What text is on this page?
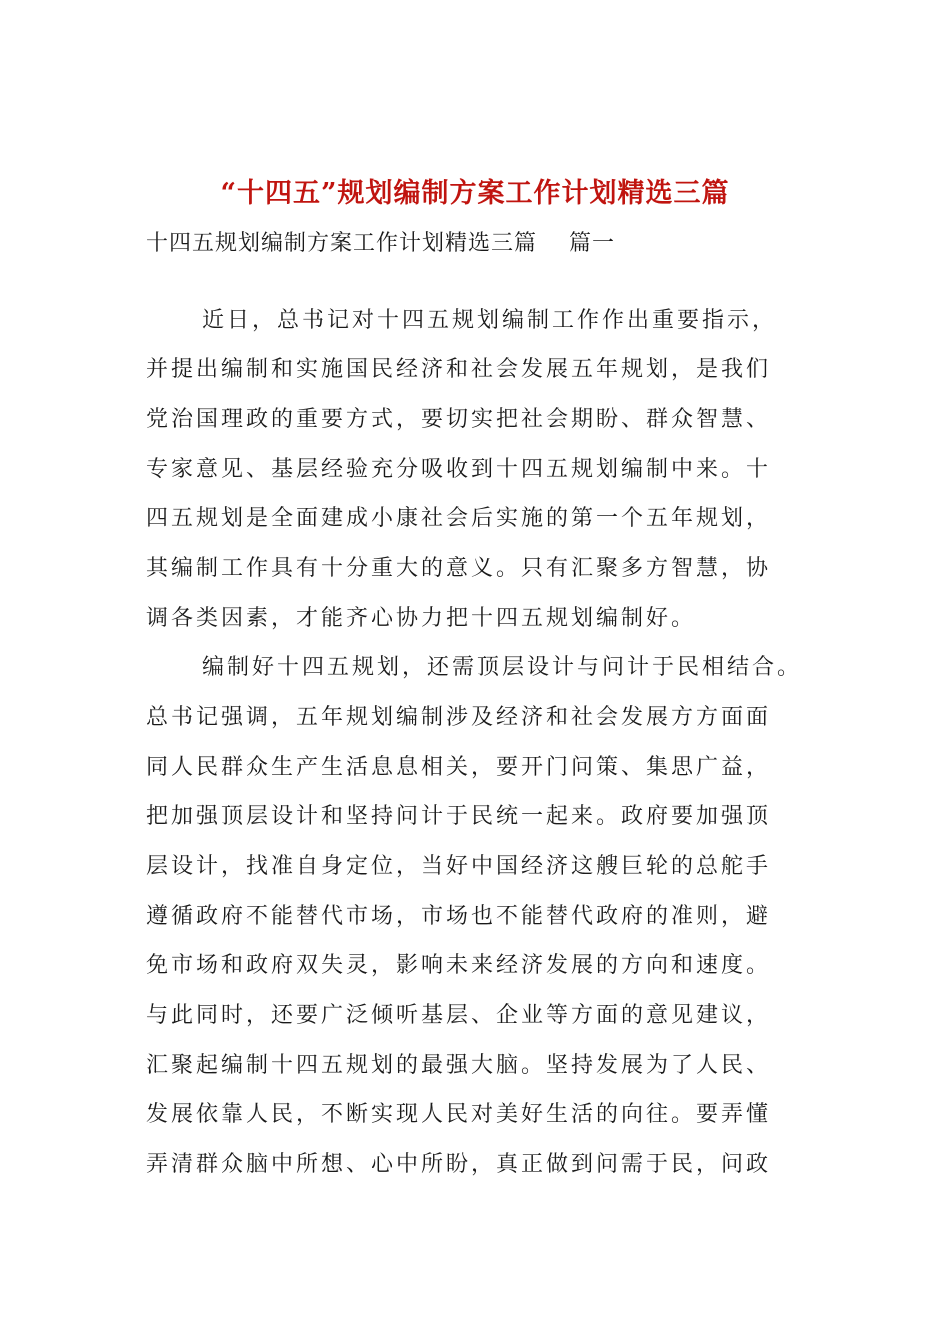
“十四五”规划编制方案工作计划精选三篇
十四五规划编制方案工作计划精选三篇    篇一
近日，总书记对十四五规划编制工作作出重要指示，
并提出编制和实施国民经济和社会发展五年规划，是我们
党治国理政的重要方式，要切实把社会期盼、群众智慧、
专家意见、基层经验充分吸收到十四五规划编制中来。十
四五规划是全面建成小康社会后实施的第一个五年规划，
其编制工作具有十分重大的意义。只有汇聚多方智慧，协
调各类因素，才能齐心协力把十四五规划编制好。
编制好十四五规划，还需顶层设计与问计于民相结合。
总书记强调，五年规划编制涉及经济和社会发展方方面面
同人民群众生产生活息息相关，要开门问策、集思广益，
把加强顶层设计和坚持问计于民统一起来。政府要加强顶
层设计，找准自身定位，当好中国经济这艘巨轮的总舵手
遵循政府不能替代市场，市场也不能替代政府的准则，避
免市场和政府双失灵，影响未来经济发展的方向和速度。
与此同时，还要广泛倾听基层、企业等方面的意见建议，
汇聚起编制十四五规划的最强大脑。坚持发展为了人民、
发展依靠人民，不断实现人民对美好生活的向往。要弄懂
弄清群众脑中所想、心中所盼，真正做到问需于民，问政
